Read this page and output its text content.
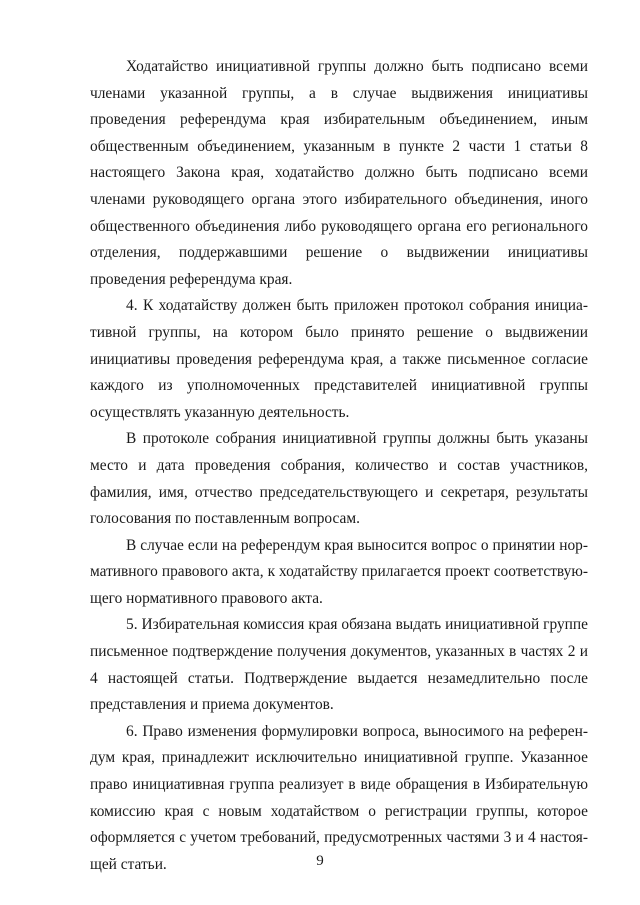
Ходатайство инициативной группы должно быть подписано всеми членами указанной группы, а в случае выдвижения инициативы проведения референдума края избирательным объединением, иным общественным объединением, указанным в пункте 2 части 1 статьи 8 настоящего Закона края, ходатайство должно быть подписано всеми членами руководящего органа этого избирательного объединения, иного общественного объединения либо руководящего органа его регионального отделения, поддержавшими решение о выдвижении инициативы проведения референдума края.

4. К ходатайству должен быть приложен протокол собрания инициативной группы, на котором было принято решение о выдвижении инициативы проведения референдума края, а также письменное согласие каждого из уполномоченных представителей инициативной группы осуществлять указанную деятельность.

В протоколе собрания инициативной группы должны быть указаны место и дата проведения собрания, количество и состав участников, фамилия, имя, отчество председательствующего и секретаря, результаты голосования по поставленным вопросам.

В случае если на референдум края выносится вопрос о принятии нормативного правового акта, к ходатайству прилагается проект соответствующего нормативного правового акта.

5. Избирательная комиссия края обязана выдать инициативной группе письменное подтверждение получения документов, указанных в частях 2 и 4 настоящей статьи. Подтверждение выдается незамедлительно после представления и приема документов.

6. Право изменения формулировки вопроса, выносимого на референдум края, принадлежит исключительно инициативной группе. Указанное право инициативная группа реализует в виде обращения в Избирательную комиссию края с новым ходатайством о регистрации группы, которое оформляется с учетом требований, предусмотренных частями 3 и 4 настоящей статьи.	9
